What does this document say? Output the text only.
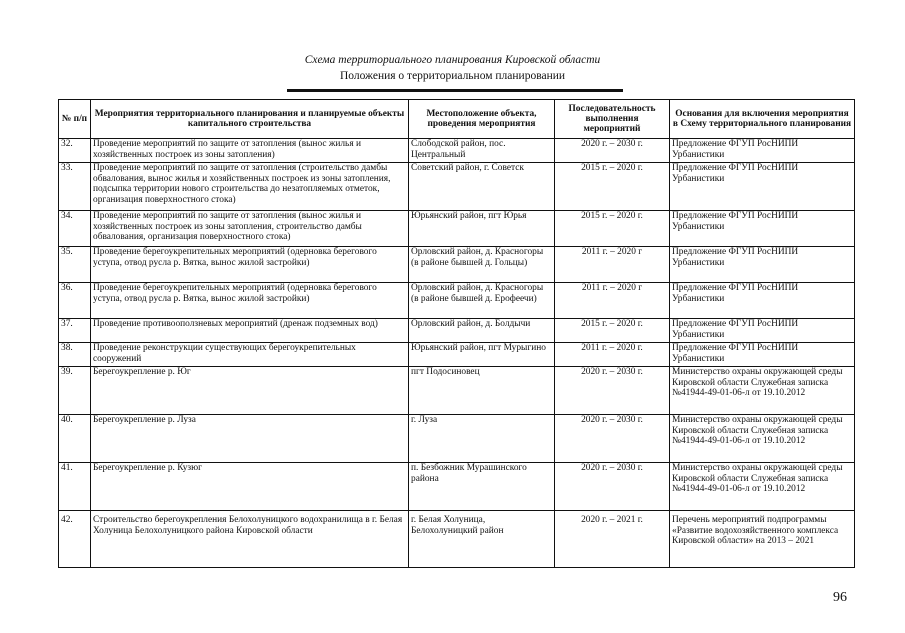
Схема территориального планирования Кировской области
Положения о территориальном планировании
№ п/п	Мероприятия территориального планирования и планируемые объекты капитального строительства	Местоположение объекта, проведения мероприятия	Последовательность выполнения мероприятий	Основания для включения мероприятия в Схему территориального планирования
32.	Проведение мероприятий по защите от затопления (вынос жилья и хозяйственных построек из зоны затопления)	Слободской район, пос. Центральный	2020 г. – 2030 г.	Предложение ФГУП РосНИПИ Урбанистики
33.	Проведение мероприятий по защите от затопления (строительство дамбы обвалования, вынос жилья и хозяйственных построек из зоны затопления, подсыпка территории нового строительства до незатопляемых отметок, организация поверхностного стока)	Советский район, г. Советск	2015 г. – 2020 г.	Предложение ФГУП РосНИПИ Урбанистики
34.	Проведение мероприятий по защите от затопления (вынос жилья и хозяйственных построек из зоны затопления, строительство дамбы обвалования, организация поверхностного стока)	Юрьянский район, пгт Юрья	2015 г. – 2020 г.	Предложение ФГУП РосНИПИ Урбанистики
35.	Проведение берегоукрепительных мероприятий (одерновка берегового уступа, отвод русла р. Вятка, вынос жилой застройки)	Орловский район, д. Красногоры (в районе бывшей д. Гольцы)	2011 г. – 2020 г	Предложение ФГУП РосНИПИ Урбанистики
36.	Проведение берегоукрепительных мероприятий (одерновка берегового уступа, отвод русла р. Вятка, вынос жилой застройки)	Орловский район, д. Красногоры (в районе бывшей д. Ерофеечи)	2011 г. – 2020 г	Предложение ФГУП РосНИПИ Урбанистики
37.	Проведение противооползневых мероприятий (дренаж подземных вод)	Орловский район, д. Болдычи	2015 г. – 2020 г.	Предложение ФГУП РосНИПИ Урбанистики
38.	Проведение реконструкции существующих берегоукрепительных сооружений	Юрьянский район, пгт Мурыгино	2011 г. – 2020 г.	Предложение ФГУП РосНИПИ Урбанистики
39.	Берегоукрепление р. Юг	пгт Подосиновец	2020 г. – 2030 г.	Министерство охраны окружающей среды Кировской области Служебная записка №41944-49-01-06-л от 19.10.2012
40.	Берегоукрепление р. Луза	г. Луза	2020 г. – 2030 г.	Министерство охраны окружающей среды Кировской области Служебная записка №41944-49-01-06-л от 19.10.2012
41.	Берегоукрепление р. Кузюг	п. Безбожник Мурашинского района	2020 г. – 2030 г.	Министерство охраны окружающей среды Кировской области Служебная записка №41944-49-01-06-л от 19.10.2012
42.	Строительство берегоукрепления Белохолуницкого водохранилища в г. Белая Холуница Белохолуницкого района Кировской области	г. Белая Холуница, Белохолуницкий район	2020 г. – 2021 г.	Перечень мероприятий подпрограммы «Развитие водохозяйственного комплекса Кировской области» на 2013 – 2021
96
